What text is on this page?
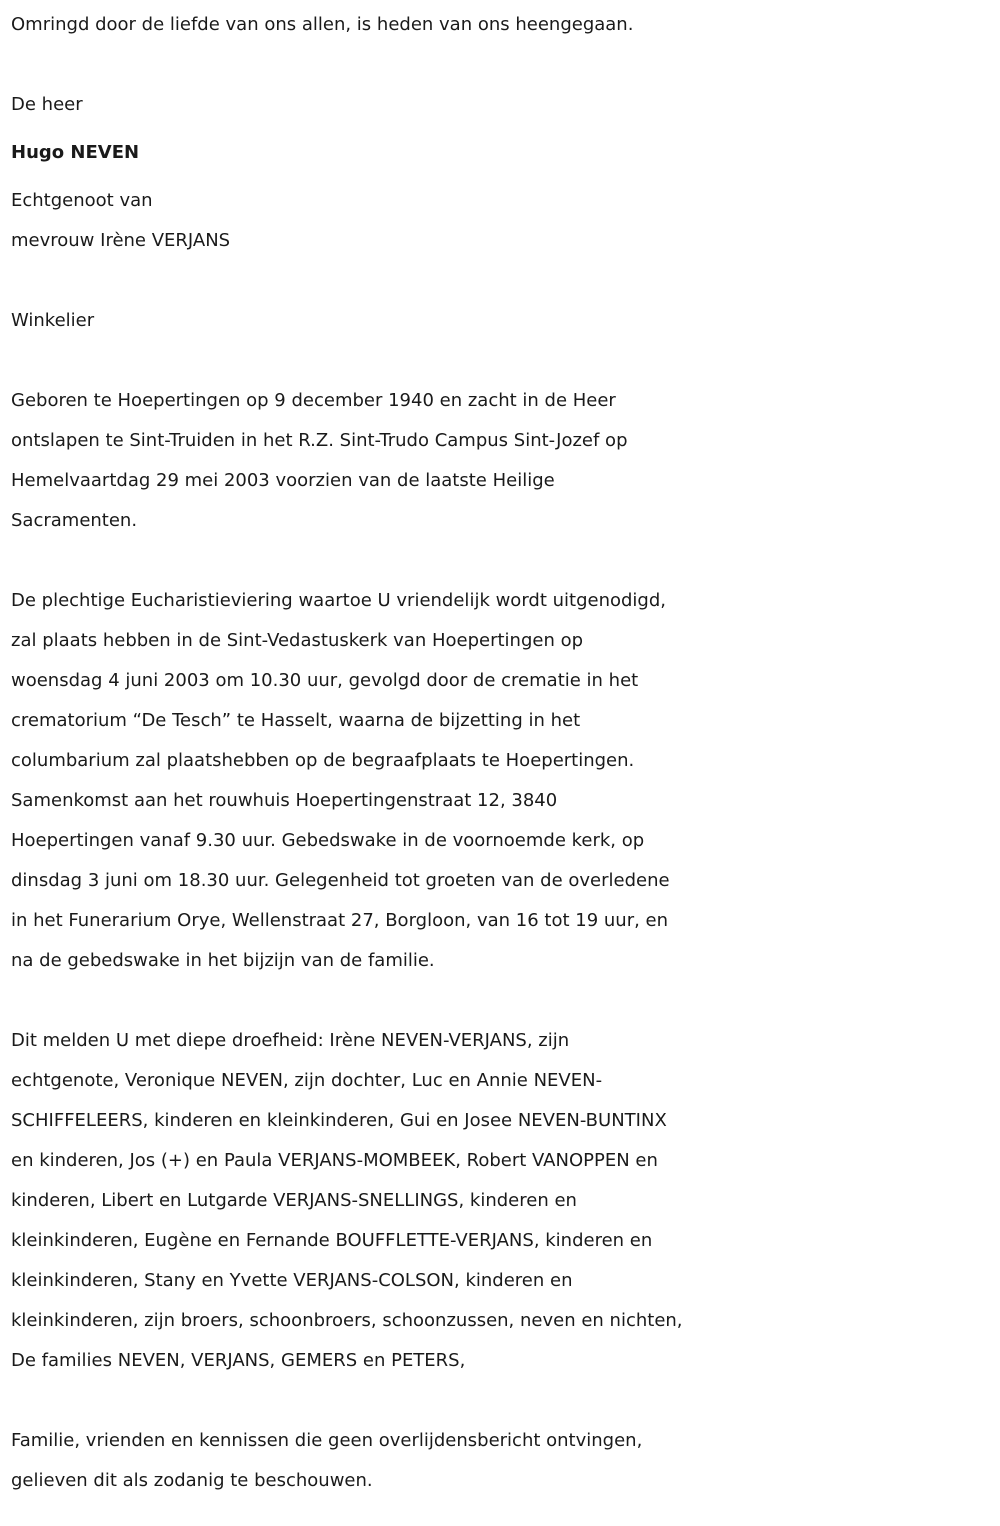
Omringd door de liefde van ons allen, is heden van ons heengegaan.
De heer
Hugo NEVEN
Echtgenoot van
mevrouw Irène VERJANS
Winkelier
Geboren te Hoepertingen op 9 december 1940 en zacht in de Heer
ontslapen te Sint-Truiden in het R.Z. Sint-Trudo Campus Sint-Jozef op
Hemelvaartdag 29 mei 2003 voorzien van de laatste Heilige
Sacramenten.
De plechtige Eucharistieviering waartoe U vriendelijk wordt uitgenodigd,
zal plaats hebben in de Sint-Vedastuskerk van Hoepertingen op
woensdag 4 juni 2003 om 10.30 uur, gevolgd door de crematie in het
crematorium “De Tesch” te Hasselt, waarna de bijzetting in het
columbarium zal plaatshebben op de begraafplaats te Hoepertingen.
Samenkomst aan het rouwhuis Hoepertingenstraat 12, 3840
Hoepertingen vanaf 9.30 uur. Gebedswake in de voornoemde kerk, op
dinsdag 3 juni om 18.30 uur. Gelegenheid tot groeten van de overledene
in het Funerarium Orye, Wellenstraat 27, Borgloon, van 16 tot 19 uur, en
na de gebedswake in het bijzijn van de familie.
Dit melden U met diepe droefheid: Irène NEVEN-VERJANS, zijn
echtgenote, Veronique NEVEN, zijn dochter, Luc en Annie NEVEN-
SCHIFFELEERS, kinderen en kleinkinderen, Gui en Josee NEVEN-BUNTINX
en kinderen, Jos (+) en Paula VERJANS-MOMBEEK, Robert VANOPPEN en
kinderen, Libert en Lutgarde VERJANS-SNELLINGS, kinderen en
kleinkinderen, Eugène en Fernande BOUFFLETTE-VERJANS, kinderen en
kleinkinderen, Stany en Yvette VERJANS-COLSON, kinderen en
kleinkinderen, zijn broers, schoonbroers, schoonzussen, neven en nichten,
De families NEVEN, VERJANS, GEMERS en PETERS,
Familie, vrienden en kennissen die geen overlijdensbericht ontvingen,
gelieven dit als zodanig te beschouwen.
